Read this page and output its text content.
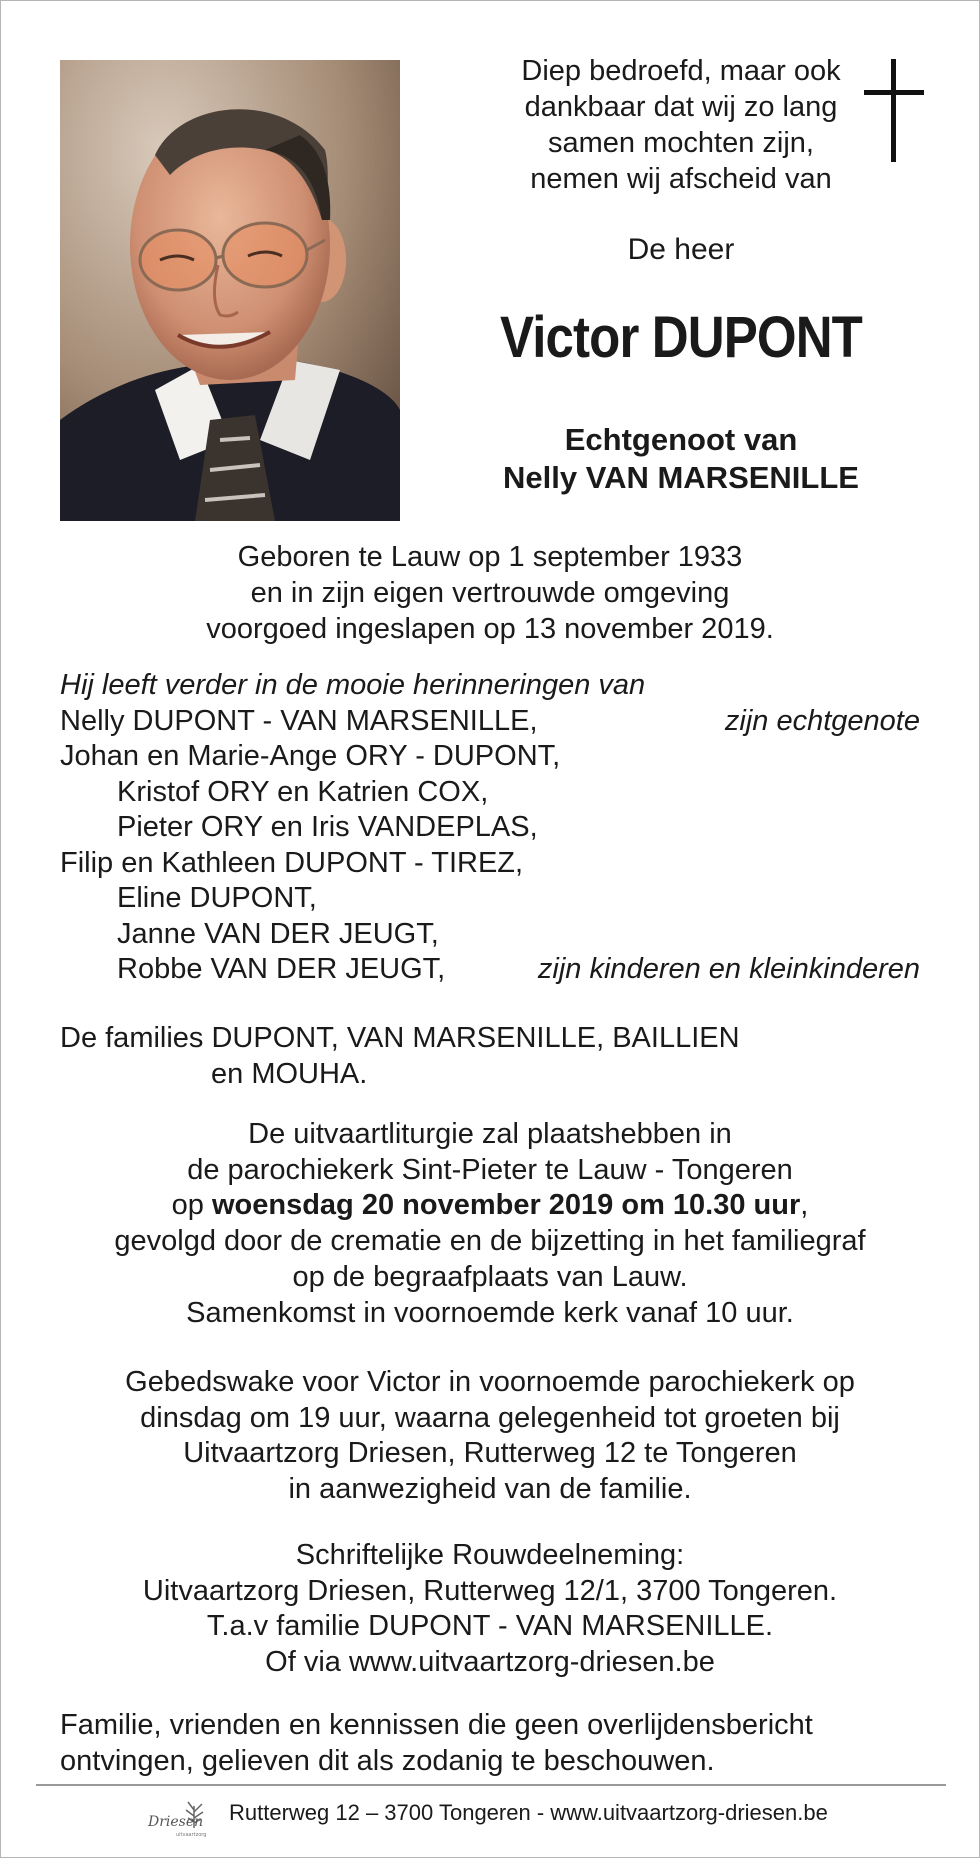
Diep bedroefd, maar ook
dankbaar dat wij zo lang
samen mochten zijn,
nemen wij afscheid van
De heer
Victor DUPONT
Echtgenoot van
Nelly VAN MARSENILLE
Geboren te Lauw op 1 september 1933
en in zijn eigen vertrouwde omgeving
voorgoed ingeslapen op 13 november 2019.
Hij leeft verder in de mooie herinneringen van
Nelly DUPONT - VAN MARSENILLE,	zijn echtgenote
Johan en Marie-Ange ORY - DUPONT,
Kristof ORY en Katrien COX,
Pieter ORY en Iris VANDEPLAS,
Filip en Kathleen DUPONT - TIREZ,
Eline DUPONT,
Janne VAN DER JEUGT,
Robbe VAN DER JEUGT,	zijn kinderen en kleinkinderen
De families DUPONT, VAN MARSENILLE, BAILLIEN
en MOUHA.
De uitvaartliturgie zal plaatshebben in
de parochiekerk Sint-Pieter te Lauw - Tongeren
op woensdag 20 november 2019 om 10.30 uur,
gevolgd door de crematie en de bijzetting in het familiegraf
op de begraafplaats van Lauw.
Samenkomst in voornoemde kerk vanaf 10 uur.
Gebedswake voor Victor in voornoemde parochiekerk op
dinsdag om 19 uur, waarna gelegenheid tot groeten bij
Uitvaartzorg Driesen, Rutterweg 12 te Tongeren
in aanwezigheid van de familie.
Schriftelijke Rouwdeelneming:
Uitvaartzorg Driesen, Rutterweg 12/1, 3700 Tongeren.
T.a.v familie DUPONT - VAN MARSENILLE.
Of via www.uitvaartzorg-driesen.be
Familie, vrienden en kennissen die geen overlijdensbericht
ontvingen, gelieven dit als zodanig te beschouwen.
Driesen
uitvaartzorg
Rutterweg 12 – 3700 Tongeren - www.uitvaartzorg-driesen.be
